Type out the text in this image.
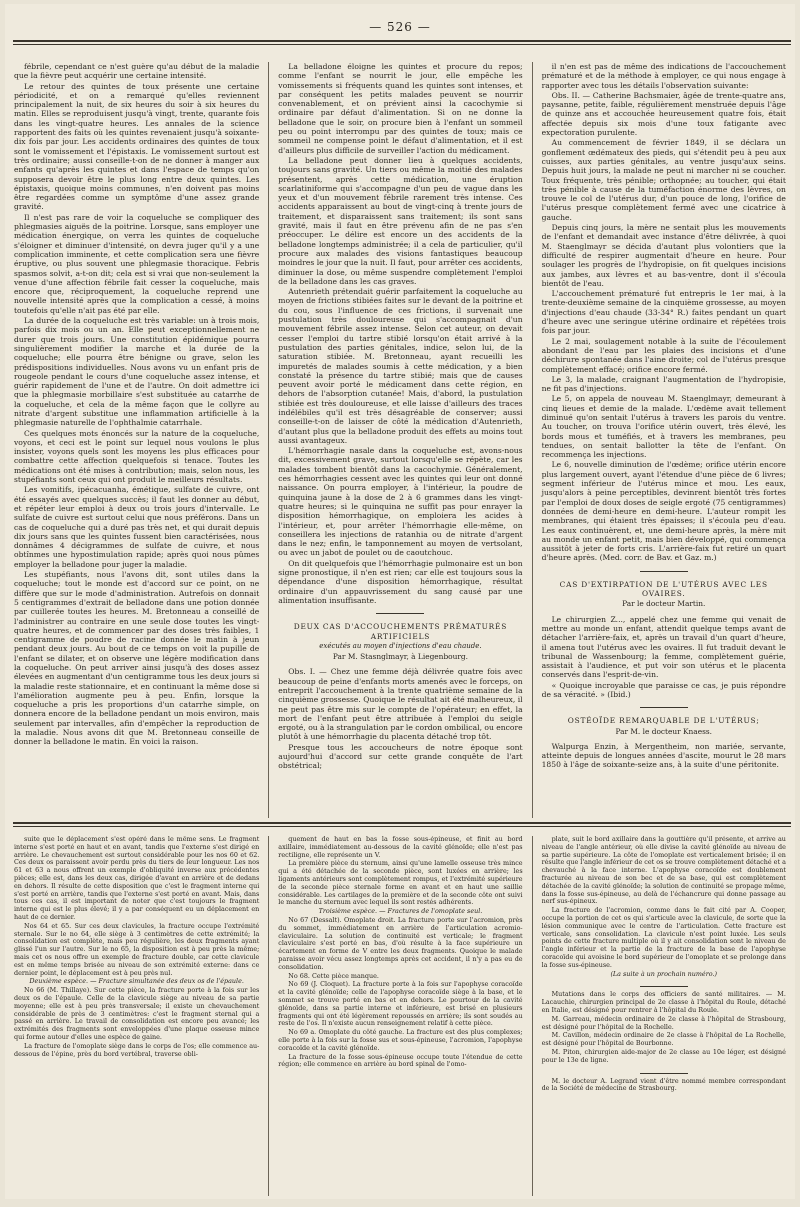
— 526 —

fébrile, cependant ce n'est guère qu'au début de la maladie que la fièvre peut acquérir une certaine intensité.

Le retour des quintes de toux présente une certaine périodicité, et on a remarqué qu'elles reviennent principalement la nuit, de six heures du soir à six heures du matin. Elles se reproduisent jusqu'à vingt, trente, quarante fois dans les vingt-quatre heures. Les annales de la science rapportent des faits où les quintes revenaient jusqu'à soixante-dix fois par jour. Les accidents ordinaires des quintes de toux sont le vomissement et l'épistaxis. Le vomissement surtout est très ordinaire; aussi conseille-t-on de ne donner à manger aux enfants qu'après les quintes et dans l'espace de temps qu'on supposera devoir être le plus long entre deux quintes. Les épistaxis, quoique moins communes, n'en doivent pas moins être regardées comme un symptôme d'une assez grande gravité.

Il n'est pas rare de voir la coqueluche se compliquer des phlegmasies aiguës de la poitrine. Lorsque, sans employer une médication énergique, on verra les quintes de coqueluche s'éloigner et diminuer d'intensité, on devra juger qu'il y a une complication imminente, et cette complication sera une fièvre éruptive, ou plus souvent une phlegmasie thoracique. Febris spasmos solvit, a-t-on dit; cela est si vrai que non-seulement la venue d'une affection fébrile fait cesser la coqueluche, mais encore que, réciproquement, la coqueluche reprend une nouvelle intensité après que la complication a cessé, à moins toutefois qu'elle n'ait pas été par elle.

La durée de la coqueluche est très variable: un à trois mois, parfois dix mois ou un an. Elle peut exceptionnellement ne durer que trois jours. Une constitution épidémique pourra singulièrement modifier la marche et la durée de la coqueluche; elle pourra être bénigne ou grave, selon les prédispositions individuelles. Nous avons vu un enfant pris de rougeole pendant le cours d'une coqueluche assez intense, et guérir rapidement de l'une et de l'autre. On doit admettre ici que la phlegmasie morbillaire s'est substituée au catarrhe de la coqueluche, et cela de la même façon que le collyre au nitrate d'argent substitue une inflammation artificielle à la phlegmasie naturelle de l'ophthalmie catarrhale.

Ces quelques mots énoncés sur la nature de la coqueluche, voyons, et ceci est le point sur lequel nous voulons le plus insister, voyons quels sont les moyens les plus efficaces pour combattre cette affection quelquefois si tenace. Toutes les médications ont été mises à contribution; mais, selon nous, les stupéfiants sont ceux qui ont produit le meilleurs résultats.

Les vomitifs, ipécacuanha, émétique, sulfate de cuivre, ont été essayés avec quelques succès; il faut les donner au début, et répéter leur emploi à deux ou trois jours d'intervalle. Le sulfate de cuivre est surtout celui que nous préférons. Dans un cas de coqueluche qui a duré pas très net, et qui durait depuis dix jours sans que les quintes fussent bien caractérisées, nous donnâmes 4 décigrammes de sulfate de cuivre, et nous obtînmes une hypostimulation rapide; après quoi nous pûmes employer la belladone pour juger la maladie.

Les stupéfiants, nous l'avons dit, sont utiles dans la coqueluche; tout le monde est d'accord sur ce point, on ne diffère que sur le mode d'administration. Autrefois on donnait 5 centigrammes d'extrait de belladone dans une potion donnée par cuillerée toutes les heures. M. Bretonneau a conseillé de l'administrer au contraire en une seule dose toutes les vingt-quatre heures, et de commencer par des doses très faibles, 1 centigramme de poudre de racine donnée le matin à jeun pendant deux jours. Au bout de ce temps on voit la pupille de l'enfant se dilater, et on observe une légère modification dans la coqueluche. On peut arriver ainsi jusqu'à des doses assez élevées en augmentant d'un centigramme tous les deux jours si la maladie reste stationnaire, et en continuant la même dose si l'amélioration augmente peu à peu. Enfin, lorsque la coqueluche a pris les proportions d'un catarrhe simple, on donnera encore de la belladone pendant un mois environ, mais seulement par intervalles, afin d'empêcher la reproduction de la maladie. Nous avons dit que M. Bretonneau conseille de donner la belladone le matin. En voici la raison.

La belladone éloigne les quintes et procure du repos; comme l'enfant se nourrit le jour, elle empêche les vomissements si fréquents quand les quintes sont intenses, et par conséquent les petits malades peuvent se nourrir convenablement, et on prévient ainsi la cacochymie si ordinaire par défaut d'alimentation. Si on ne donne la belladone que le soir, on procure bien à l'enfant un sommeil peu ou point interrompu par des quintes de toux; mais ce sommeil ne compense point le défaut d'alimentation, et il est d'ailleurs plus difficile de surveiller l'action du médicament.

La belladone peut donner lieu à quelques accidents, toujours sans gravité. Un tiers ou même la moitié des malades présentent, après cette médication, une éruption scarlatiniforme qui s'accompagne d'un peu de vague dans les yeux et d'un mouvement fébrile rarement très intense. Ces accidents apparaissent au bout de vingt-cinq à trente jours de traitement, et disparaissent sans traitement; ils sont sans gravité, mais il faut en être prévenu afin de ne pas s'en préoccuper. Le délire est encore un des accidents de la belladone longtemps administrée; il a cela de particulier, qu'il procure aux malades des visions fantastiques beaucoup moindres le jour que la nuit. Il faut, pour arrêter ces accidents, diminuer la dose, ou même suspendre complètement l'emploi de la belladone dans les cas graves.

Autenrieth prétendait guérir parfaitement la coqueluche au moyen de frictions stibiées faites sur le devant de la poitrine et du cou, sous l'influence de ces frictions, il survenait une pustulation très douloureuse qui s'accompagnait d'un mouvement fébrile assez intense. Selon cet auteur, on devait cesser l'emploi du tartre stibié lorsqu'on était arrivé à la pustulation des parties génitales, indice, selon lui, de la saturation stibiée. M. Bretonneau, ayant recueilli les impuretés de malades soumis à cette médication, y a bien constaté la présence du tartre stibié; mais que de causes peuvent avoir porté le médicament dans cette région, en dehors de l'absorption cutanée! Mais, d'abord, la pustulation stibiée est très douloureuse, et elle laisse d'ailleurs des traces indélébiles qu'il est très désagréable de conserver; aussi conseille-t-on de laisser de côté la médication d'Autenrieth, d'autant plus que la belladone produit des effets au moins tout aussi avantageux.

L'hémorrhagie nasale dans la coqueluche est, avons-nous dit, excessivement grave, surtout lorsqu'elle se répète, car les malades tombent bientôt dans la cacochymie. Généralement, ces hémorrhagies cessent avec les quintes qui leur ont donné naissance. On pourra employer, à l'intérieur, la poudre de quinquina jaune à la dose de 2 à 6 grammes dans les vingt-quatre heures; si le quinquina ne suffit pas pour enrayer la disposition hémorrhagique, on emploiera les acides à l'intérieur, et, pour arrêter l'hémorrhagie elle-même, on conseillera les injections de ratanhia ou de nitrate d'argent dans le nez; enfin, le tamponnement au moyen de vertsolant, ou avec un jabot de poulet ou de caoutchouc.

On dit quelquefois que l'hémorrhagie pulmonaire est un bon signe pronostique, il n'en est rien; car elle est toujours sous la dépendance d'une disposition hémorrhagique, résultat ordinaire d'un appauvrissement du sang causé par une alimentation insuffisante.

DEUX CAS D'ACCOUCHEMENTS PRÉMATURÉS ARTIFICIELS

exécutés au moyen d'injections d'eau chaude.

Par M. Stasnglmayr, à Liegenbourg.

Obs. I. — Chez une femme déjà délivrée quatre fois avec beaucoup de peine d'enfants morts amenés avec le forceps, on entreprit l'accouchement à la trente quatrième semaine de la cinquième grossesse. Quoique le résultat ait été malheureux, il ne peut pas être mis sur le compte de l'opérateur; en effet, la mort de l'enfant peut être attribuée à l'emploi du seigle ergoté, ou à la strangulation par le cordon ombilical, ou encore plutôt à une hémorrhagie du placenta détaché trop tôt.

Presque tous les accoucheurs de notre époque sont aujourd'hui d'accord sur cette grande conquête de l'art obstétrical;

il n'en est pas de même des indications de l'accouchement prématuré et de la méthode à employer, ce qui nous engage à rapporter avec tous les détails l'observation suivante:

Obs. II. — Catherine Bachsmaier, âgée de trente-quatre ans, paysanne, petite, faible, régulièrement menstruée depuis l'âge de quinze ans et accouchée heureusement quatre fois, était affectée depuis six mois d'une toux fatigante avec expectoration purulente.

Au commencement de février 1849, il se déclara un gonflement œdémateux des pieds, qui s'étendit peu à peu aux cuisses, aux parties génitales, au ventre jusqu'aux seins. Depuis huit jours, la malade ne peut ni marcher ni se coucher. Toux fréquente, très pénible; orthopnée; au toucher, qui était très pénible à cause de la tuméfaction énorme des lèvres, on trouve le col de l'utérus dur, d'un pouce de long, l'orifice de l'utérus presque complètement fermé avec une cicatrice à gauche.

Depuis cinq jours, la mère ne sentait plus les mouvements de l'enfant et demandait avec instance d'être délivrée, à quoi M. Staenglmayr se décida d'autant plus volontiers que la difficulté de respirer augmentait d'heure en heure. Pour soulager les progrès de l'hydropisie, on fit quelques incisions aux jambes, aux lèvres et au bas-ventre, dont il s'écoula bientôt de l'eau.

L'accouchement prématuré fut entrepris le 1er mai, à la trente-deuxième semaine de la cinquième grossesse, au moyen d'injections d'eau chaude (33-34° R.) faites pendant un quart d'heure avec une seringue utérine ordinaire et répétées trois fois par jour.

Le 2 mai, soulagement notable à la suite de l'écoulement abondant de l'eau par les plaies des incisions et d'une déchirure spontanée dans l'aine droite; col de l'utérus presque complètement effacé; orifice encore fermé.

Le 3, la malade, craignant l'augmentation de l'hydropisie, ne fit pas d'injections.

Le 5, on appela de nouveau M. Staenglmayr, demeurant à cinq lieues et demie de la malade. L'œdème avait tellement diminué qu'on sentait l'utérus à travers les parois du ventre. Au toucher, on trouva l'orifice utérin ouvert, très élevé, les bords mous et tuméfiés, et à travers les membranes, peu tendues, on sentait ballotter la tête de l'enfant. On recommença les injections.

Le 6, nouvelle diminution de l'œdème; orifice utérin encore plus largement ouvert, ayant l'étendue d'une pièce de 6 livres; segment inférieur de l'utérus mince et mou. Les eaux, jusqu'alors à peine perceptibles, devinrent bientôt très fortes par l'emploi de doux doses de seigle ergoté (75 centigrammes) données de demi-heure en demi-heure. L'auteur rompit les membranes, qui étaient très épaisses; il s'écoula peu d'eau. Les eaux continuèrent, et, une demi-heure après, la mère mit au monde un enfant petit, mais bien développé, qui commença aussitôt à jeter de forts cris. L'arrière-faix fut retiré un quart d'heure après. (Med. corr. de Bav. et Gaz. m.)

CAS D'EXTIRPATION DE L'UTÉRUS AVEC LES OVAIRES.

Par le docteur Martin.

Le chirurgien Z..., appelé chez une femme qui venait de mettre au monde un enfant, attendit quelque temps avant de détacher l'arrière-faix, et, après un travail d'un quart d'heure, il amena tout l'utérus avec les ovaires. Il fut traduit devant le tribunal de Wassenbourg; la femme, complètement guérie, assistait à l'audience, et put voir son utérus et le placenta conservés dans l'esprit-de-vin.

« Quoique incroyable que paraisse ce cas, je puis répondre de sa véracité. » (Ibid.)

OSTÉOÏDE REMARQUABLE DE L'UTÉRUS;

Par M. le docteur Knaess.

Walpurga Enzin, à Mergentheim, non mariée, servante, atteinte depuis de longues années d'ascite, mourut le 28 mars 1850 à l'âge de soixante-seize ans, à la suite d'une péritonite.

suite que le déplacement s'est opéré dans le même sens. Le fragment interne s'est porté en haut et en avant, tandis que l'externe s'est dirigé en arrière. Le chevauchement est surtout considérable pour les nos 60 et 62. Ces deux os paraissent avoir perdu près du tiers de leur longueur. Les nos 61 et 63 a nous offrent un exemple d'obliquité inverse aux précédentes pièces; elle est, dans les deux cas, dirigée d'avant en arrière et de dedans en dehors. Il résulte de cette disposition que c'est le fragment interne qui s'est porté en arrière, tandis que l'externe s'est porté en avant. Mais, dans tous ces cas, il est important de noter que c'est toujours le fragment interne qui est le plus élevé; il y a par conséquent eu un déplacement en haut de ce dernier.

Nos 64 et 65. Sur ces deux clavicules, la fracture occupe l'extrémité sternale. Sur le no 64, elle siège à 3 centimètres de cette extrémité; la consolidation est complète, mais peu régulière, les deux fragments ayant glissé l'un sur l'autre. Sur le no 65, la disposition est à peu près la même; mais cet os nous offre un exemple de fracture double, car cette clavicule est en même temps brisée au niveau de son extrémité externe: dans ce dernier point, le déplacement est à peu près nul.

Deuxième espèce. — Fracture simultanée des deux os de l'épaule.

No 66 (M. Thillaye). Sur cette pièce, la fracture porte à la fois sur les deux os de l'épaule. Celle de la clavicule siège au niveau de sa partie moyenne; elle est à peu près transversale; il existe un chevauchement considérable de près de 3 centimètres: c'est le fragment sternal qui a passé en arrière. Le travail de consolidation est encore peu avancé; les extrémités des fragments sont enveloppées d'une plaque osseuse mince qui forme autour d'elles une espèce de gaine.

La fracture de l'omoplate siège dans le corps de l'os; elle commence au-dessous de l'épine, près du bord vertébral, traverse obli-

quement de haut en bas la fosse sous-épineuse, et finit au bord axillaire, immédiatement au-dessous de la cavité glénoïde; elle n'est pas rectiligne, elle représente un V.

La première pièce du sternum, ainsi qu'une lamelle osseuse très mince qui a été détachée de la seconde pièce, sont luxées en arrière; les ligaments antérieurs sont complètement rompus, et l'extrémité supérieure de la seconde pièce sternale forme en avant et en haut une saillie considérable. Les cartilages de la première et de la seconde côte ont suivi le manche du sternum avec lequel ils sont restés adhérents.

Troisième espèce. — Fractures de l'omoplate seul.

No 67 (Dessalt). Omoplate droit. La fracture porte sur l'acromion, près du sommet, immédiatement en arrière de l'articulation acromio-claviculaire. La solution de continuité est verticale; le fragment claviculaire s'est porté en bas, d'où résulte à la face supérieure un écartement en forme de V entre les deux fragments. Quoique le malade paraisse avoir vécu assez longtemps après cet accident, il n'y a pas eu de consolidation.

No 68. Cette pièce manque.

No 69 (J. Cloquet). La fracture porte à la fois sur l'apophyse coracoïde et la cavité glénoïde; celle de l'apophyse coracoïde siège à la base, et le sommet se trouve porté en bas et en dehors. Le pourtour de la cavité glénoïde, dans sa partie interne et inférieure, est brisé en plusieurs fragments qui ont été légèrement repoussés en arrière; ils sont soudés au reste de l'os. Il n'existe aucun renseignement relatif à cette pièce.

No 69 a. Omoplate du côté gauche. La fracture est des plus complexes; elle porte à la fois sur la fosse sus et sous-épineuse, l'acromion, l'apophyse coracoïde et la cavité glénoïde.

La fracture de la fosse sous-épineuse occupe toute l'étendue de cette région; elle commence en arrière au bord spinal de l'omo-

plate, suit le bord axillaire dans la gouttière qu'il présente, et arrive au niveau de l'angle antérieur, où elle divise la cavité glénoïde au niveau de sa partie supérieure. La côte de l'omoplate est verticalement brisée; il en résulte que l'angle inférieur de cet os se trouve complètement détaché et a chevauché à la face interne. L'apophyse coracoïde est doublement fracturée au niveau de son bec et de sa base, qui est complètement détachée de la cavité glénoïde; la solution de continuité se propage même, dans la fosse sus-épineuse, au delà de l'échancrure qui donne passage au nerf sus-épineux.

La fracture de l'acromion, comme dans le fait cité par A. Cooper, occupe la portion de cet os qui s'articule avec la clavicule, de sorte que la lésion communique avec le centre de l'articulation. Cette fracture est verticale, sans consolidation. La clavicule n'est point luxée. Les seuls points de cette fracture multiple où il y ait consolidation sont le niveau de l'angle inférieur et la partie de la fracture de la base de l'apophyse coracoïde qui avoisine le bord supérieur de l'omoplate et se prolonge dans la fosse sus-épineuse.

(La suite à un prochain numéro.)

Mutations dans le corps des officiers de santé militaires. — M. Lacauchie, chirurgien principal de 2e classe à l'hôpital du Roule, détaché en Italie, est désigné pour rentrer à l'hôpital du Roule.

M. Garreau, médecin ordinaire de 2e classe à l'hôpital de Strasbourg, est désigné pour l'hôpital de la Rochelle.

M. Cavillon, médecin ordinaire de 2e classe à l'hôpital de La Rochelle, est désigné pour l'hôpital de Bourbonne.

M. Piton, chirurgien aide-major de 2e classe au 10e léger, est désigné pour le 13e de ligne.

M. le docteur A. Legrand vient d'être nommé membre correspondant de la Société de médecine de Strasbourg.
